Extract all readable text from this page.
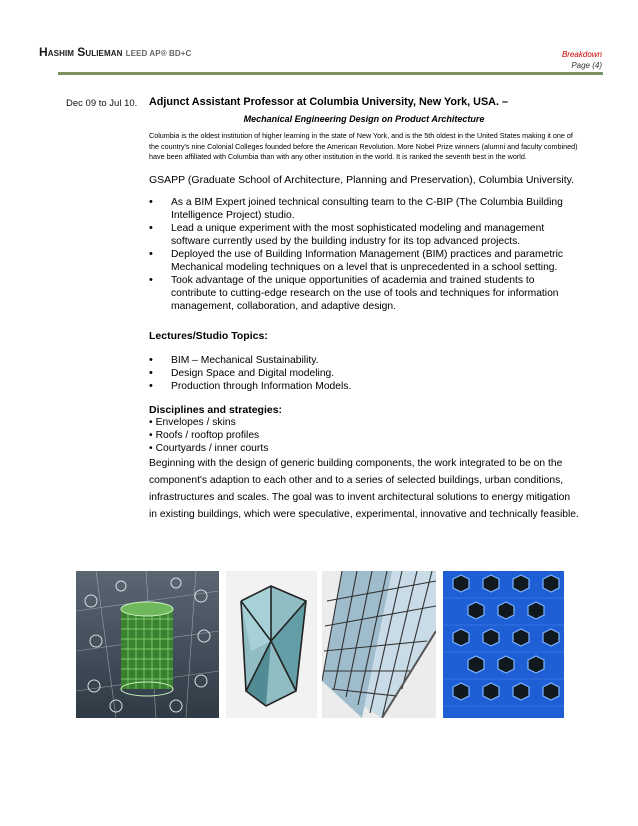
HASHIM SULIEMAN LEED AP® BD+C	Breakdown
Page (4)
Dec 09 to Jul 10. Adjunct Assistant Professor at Columbia University, New York, USA. –

Mechanical Engineering Design on Product Architecture

Columbia is the oldest institution of higher learning in the state of New York, and is the 5th oldest in the United States making it one of the country's nine Colonial Colleges founded before the American Revolution. More Nobel Prize winners (alumni and faculty combined) have been affiliated with Columbia than with any other institution in the world. It is ranked the seventh best in the world.

GSAPP (Graduate School of Architecture, Planning and Preservation), Columbia University.

• As a BIM Expert joined technical consulting team to the C-BIP (The Columbia Building Intelligence Project) studio.
• Lead a unique experiment with the most sophisticated modeling and management software currently used by the building industry for its top advanced projects.
• Deployed the use of Building Information Management (BIM) practices and parametric Mechanical modeling techniques on a level that is unprecedented in a school setting.
• Took advantage of the unique opportunities of academia and trained students to contribute to cutting-edge research on the use of tools and techniques for information management, collaboration, and adaptive design.

Lectures/Studio Topics:

• BIM – Mechanical Sustainability.
• Design Space and Digital modeling.
• Production through Information Models.

Disciplines and strategies:

• Envelopes / skins
• Roofs / rooftop profiles
• Courtyards / inner courts

Beginning with the design of generic building components, the work integrated to be on the component's adaption to each other and to a series of selected buildings, urban conditions, infrastructures and scales. The goal was to invent architectural solutions to energy mitigation in existing buildings, which were speculative, experimental, innovative and technically feasible.
